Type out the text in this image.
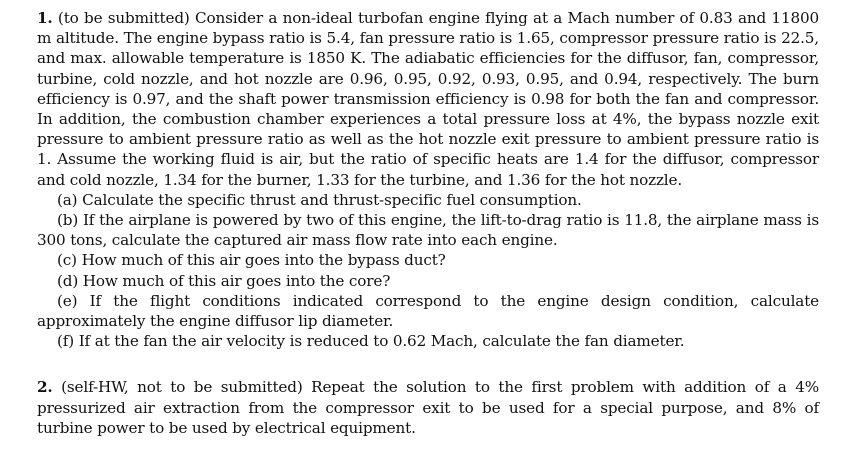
1. (to be submitted) Consider a non-ideal turbofan engine flying at a Mach number of 0.83 and 11800 m altitude. The engine bypass ratio is 5.4, fan pressure ratio is 1.65, compressor pressure ratio is 22.5, and max. allowable temperature is 1850 K. The adiabatic efficiencies for the diffusor, fan, compressor, turbine, cold nozzle, and hot nozzle are 0.96, 0.95, 0.92, 0.93, 0.95, and 0.94, respectively. The burn efficiency is 0.97, and the shaft power transmission efficiency is 0.98 for both the fan and compressor. In addition, the combustion chamber experiences a total pressure loss at 4%, the bypass nozzle exit pressure to ambient pressure ratio as well as the hot nozzle exit pressure to ambient pressure ratio is 1. Assume the working fluid is air, but the ratio of specific heats are 1.4 for the diffusor, compressor and cold nozzle, 1.34 for the burner, 1.33 for the turbine, and 1.36 for the hot nozzle.
(a) Calculate the specific thrust and thrust-specific fuel consumption.
(b) If the airplane is powered by two of this engine, the lift-to-drag ratio is 11.8, the airplane mass is 300 tons, calculate the captured air mass flow rate into each engine.
(c) How much of this air goes into the bypass duct?
(d) How much of this air goes into the core?
(e) If the flight conditions indicated correspond to the engine design condition, calculate approximately the engine diffusor lip diameter.
(f) If at the fan the air velocity is reduced to 0.62 Mach, calculate the fan diameter.
2. (self-HW, not to be submitted) Repeat the solution to the first problem with addition of a 4% pressurized air extraction from the compressor exit to be used for a special purpose, and 8% of turbine power to be used by electrical equipment.
